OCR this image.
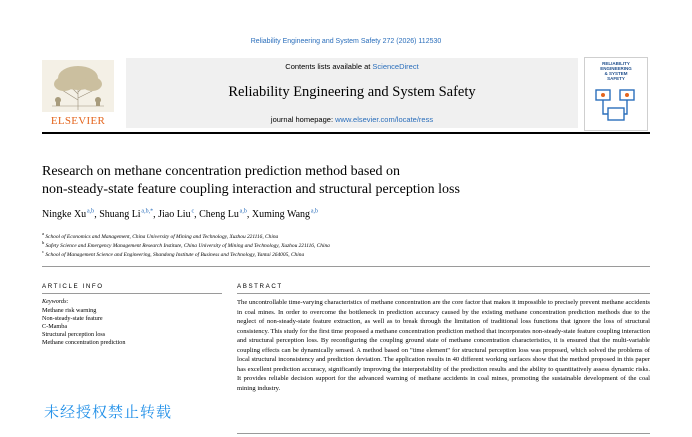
Reliability Engineering and System Safety 272 (2026) 112530
ELSEVIER
Contents lists available at ScienceDirect
Reliability Engineering and System Safety
journal homepage: www.elsevier.com/locate/ress
RELIABILITY
ENGINEERING
& SYSTEM
SAFETY
Research on methane concentration prediction method based on
non-steady-state feature coupling interaction and structural perception loss
Ningke Xu $^{a,b}$, Shuang Li $^{a,b,*}$, Jiao Liu $^c$, Cheng Lu $^{a,b}$, Xuming Wang $^{a,b}$
$^a$ School of Economics and Management, China University of Mining and Technology, Xuzhou 221116, China
$^b$ Safety Science and Emergency Management Research Institute, China University of Mining and Technology, Xuzhou 221116, China
$^c$ School of Management Science and Engineering, Shandong Institute of Business and Technology, Yantai 264005, China
ARTICLE INFO
Keywords:
Methane risk warning
Non-steady-state feature
C-Mamba
Structural perception loss
Methane concentration prediction
ABSTRACT
The uncontrollable time-varying characteristics of methane concentration are the core factor that makes it impossible to precisely prevent methane accidents in coal mines. In order to overcome the bottleneck in prediction accuracy caused by the existing methane concentration prediction methods due to the neglect of non-steady-state feature extraction, as well as to break through the limitation of traditional loss functions that ignore the loss of structural consistency. This study for the first time proposed a methane concentration prediction method that incorporates non-steady-state feature coupling interaction and structural perception loss. By reconfiguring the coupling ground state of methane concentration characteristics, it is ensured that the multi-variable coupling effects can be dynamically sensed. A method based on "time element" for structural perception loss was proposed, which solved the problems of local structural inconsistency and prediction deviation. The application results in 40 different working surfaces show that the method proposed in this paper has excellent prediction accuracy, significantly improving the interpretability of the prediction results and the ability to quantitatively assess dynamic risks. It provides reliable decision support for the advanced warning of methane accidents in coal mines, promoting the sustainable development of the coal mining industry.
未经授权禁止转载
